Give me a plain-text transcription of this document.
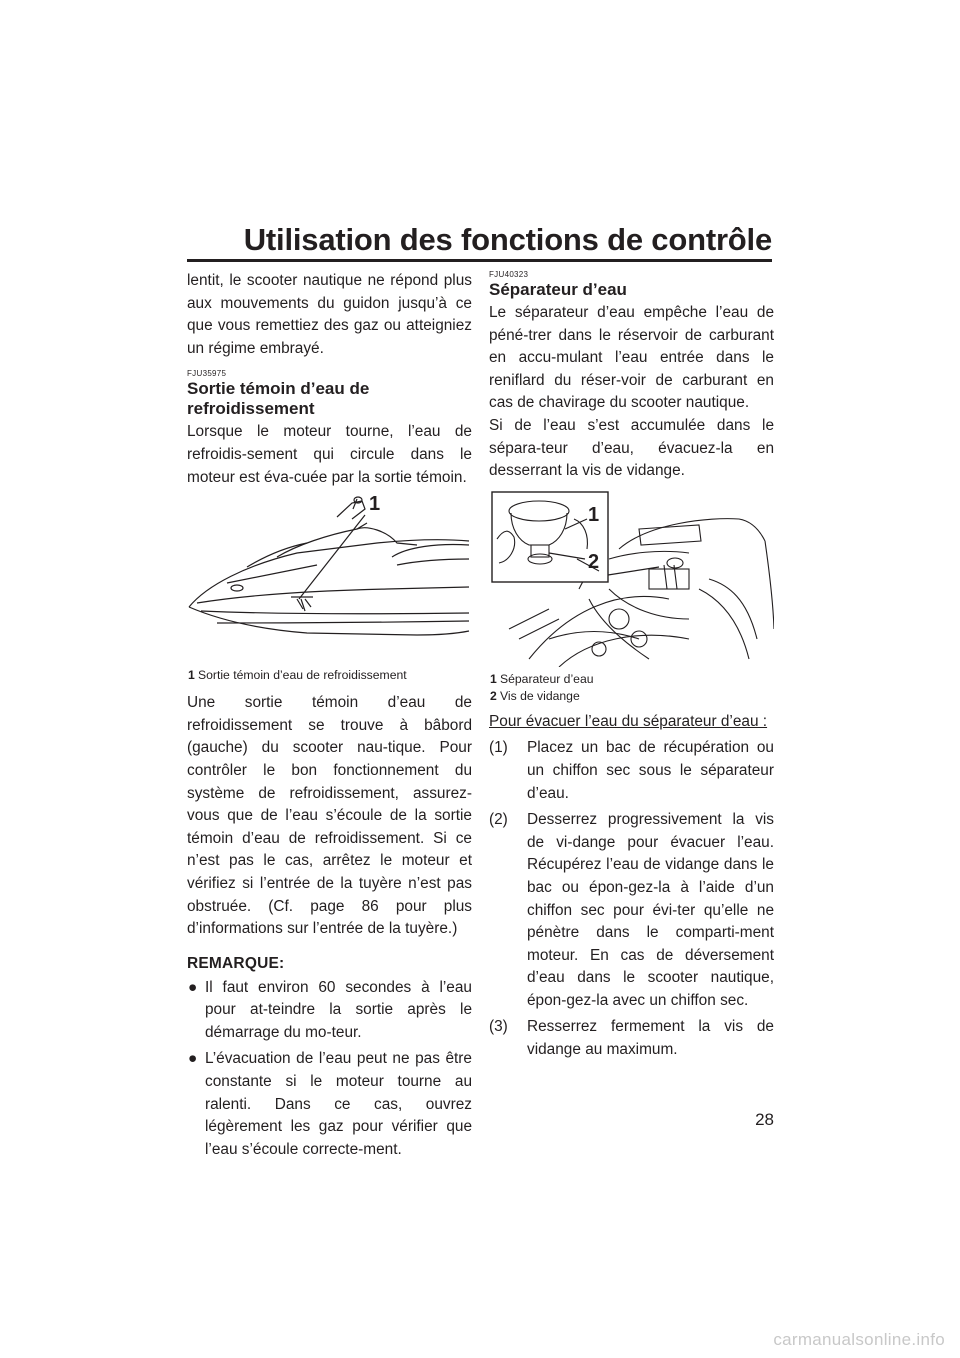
Utilisation des fonctions de contrôle

lentit, le scooter nautique ne répond plus aux mouvements du guidon jusqu’à ce que vous remettiez des gaz ou atteigniez un régime embrayé.

FJU35975
Sortie témoin d’eau de refroidissement

Lorsque le moteur tourne, l’eau de refroidis-sement qui circule dans le moteur est éva-cuée par la sortie témoin.

1
1 Sortie témoin d’eau de refroidissement

Une sortie témoin d’eau de refroidissement se trouve à bâbord (gauche) du scooter nau-tique. Pour contrôler le bon fonctionnement du système de refroidissement, assurez-vous que de l’eau s’écoule de la sortie témoin d’eau de refroidissement. Si ce n’est pas le cas, arrêtez le moteur et vérifiez si l’entrée de la tuyère n’est pas obstruée. (Cf. page 86 pour plus d’informations sur l’entrée de la tuyère.)

REMARQUE:
● Il faut environ 60 secondes à l’eau pour at-teindre la sortie après le démarrage du mo-teur.
● L’évacuation de l’eau peut ne pas être constante si le moteur tourne au ralenti. Dans ce cas, ouvrez légèrement les gaz pour vérifier que l’eau s’écoule correcte-ment.
FJU40323
Séparateur d’eau

Le séparateur d’eau empêche l’eau de péné-trer dans le réservoir de carburant en accu-mulant l’eau entrée dans le reniflard du réser-voir de carburant en cas de chavirage du scooter nautique.

Si de l’eau s’est accumulée dans le sépara-teur d’eau, évacuez-la en desserrant la vis de vidange.

1
2
1 Séparateur d’eau
2 Vis de vidange
Pour évacuer l’eau du séparateur d’eau :
(1) Placez un bac de récupération ou un chiffon sec sous le séparateur d’eau.
(2) Desserrez progressivement la vis de vi-dange pour évacuer l’eau. Récupérez l’eau de vidange dans le bac ou épon-gez-la à l’aide d’un chiffon sec pour évi-ter qu’elle ne pénètre dans le comparti-ment moteur. En cas de déversement d’eau dans le scooter nautique, épon-gez-la avec un chiffon sec.
(3) Resserrez fermement la vis de vidange au maximum.
28
carmanualsonline.info
